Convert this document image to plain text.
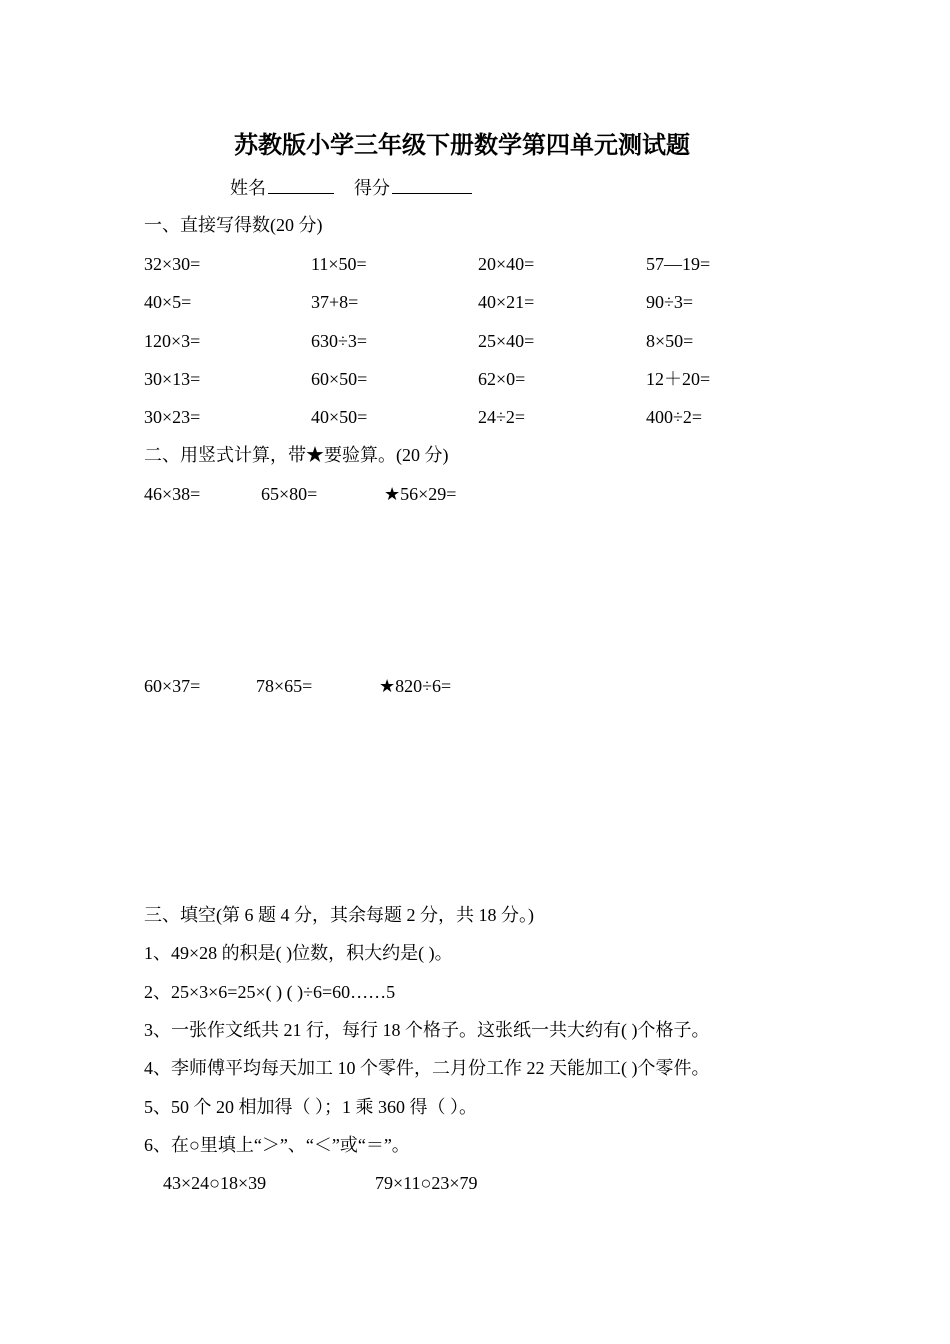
苏教版小学三年级下册数学第四单元测试题
姓名	得分
一、直接写得数(20 分)
32×30=	11×50=	20×40=	57—19=
40×5=	37+8=	40×21=	90÷3=
120×3=	630÷3=	25×40=	8×50=
30×13=	60×50=	62×0=	12＋20=
30×23=	40×50=	24÷2=	400÷2=
二、用竖式计算，带★要验算。(20 分)
46×38=	65×80=	★56×29=
60×37=	78×65=	★820÷6=
三、填空(第 6 题 4 分，其余每题 2 分，共 18 分。)
1、49×28 的积是( )位数，积大约是( )。
2、25×3×6=25×( ) ( )÷6=60……5
3、一张作文纸共 21 行，每行 18 个格子。这张纸一共大约有( )个格子。
4、李师傅平均每天加工 10 个零件，二月份工作 22 天能加工( )个零件。
5、50 个 20 相加得（ ）；1 乘 360 得（ ）。
6、在○里填上“＞”、“＜”或“＝”。
43×24○18×39	79×11○23×79
